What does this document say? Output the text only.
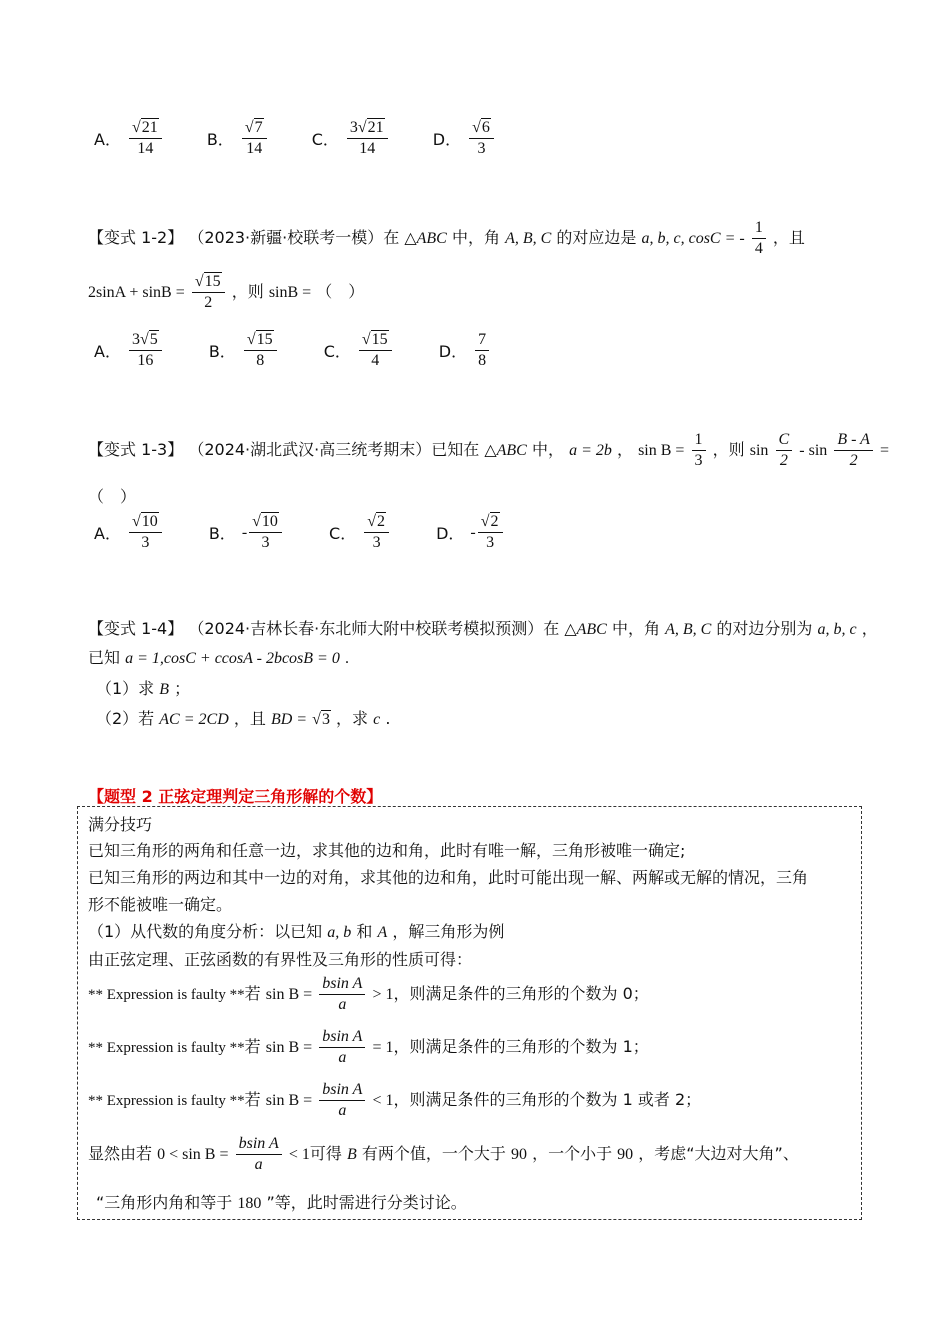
A． $\frac{√21}{14}$
	B． $\frac{√7}{14}$
	C． $\frac{3√21}{14}$
	D． $\frac{√6}{3}$
【变式 1-2】 （2023·新疆·校联考一模）在 △ABC 中，角 A, B, C 的对应边是 a, b, c, cosC = - $\frac{1}{4}$ ，且
$2\sin A + \sin B = \frac{√15}{2}$ ，则 sinB = （　）
A． $\frac{3√5}{16}$
	B． $\frac{√15}{8}$
	C． $\frac{√15}{4}$
	D． $\frac{7}{8}$
【变式 1-3】 （2024·湖北武汉·高三统考期末）已知在 △ABC 中， a = 2b ， $\sin B = \frac{1}{3}$ ，则 $\sin \frac{C}{2}$ - $\sin \frac{B - A}{2}$ =
（　）
A． $\frac{√10}{3}$
	B． - $\frac{√10}{3}$
	C． $\frac{√2}{3}$
	D． - $\frac{√2}{3}$
【变式 1-4】 （2024·吉林长春·东北师大附中校联考模拟预测）在 △ABC 中，角 A, B, C 的对边分别为 a, b, c ，
已知 a = 1,cosC + ccosA - 2bcosB = 0 .
（1）求 B ；
（2）若 AC = 2CD ，且 BD = √3 ，求 c .
【题型 2 正弦定理判定三角形解的个数】
满分技巧
已知三角形的两角和任意一边，求其他的边和角，此时有唯一解，三角形被唯一确定;
已知三角形的两边和其中一边的对角，求其他的边和角，此时可能出现一解、两解或无解的情况，三角
形不能被唯一确定。
（1）从代数的角度分析：以已知 a, b 和 A ，解三角形为例
由正弦定理、正弦函数的有界性及三角形的性质可得：
** Expression is faulty **若 $\sin B = \frac{\text{bsin A}}{a} > 1$，则满足条件的三角形的个数为 0；
** Expression is faulty **若 $\sin B = \frac{\text{bsin A}}{a} = 1$，则满足条件的三角形的个数为 1；
** Expression is faulty **若 $\sin B = \frac{\text{bsin A}}{a} < 1$，则满足条件的三角形的个数为 1 或者 2；
显然由若 $0 < \sin B = \frac{\text{bsin A}}{a} < 1$可得 B 有两个值，一个大于 90 ，一个小于 90 ，考虑“大边对大角”、
“三角形内角和等于 180 ”等，此时需进行分类讨论。
